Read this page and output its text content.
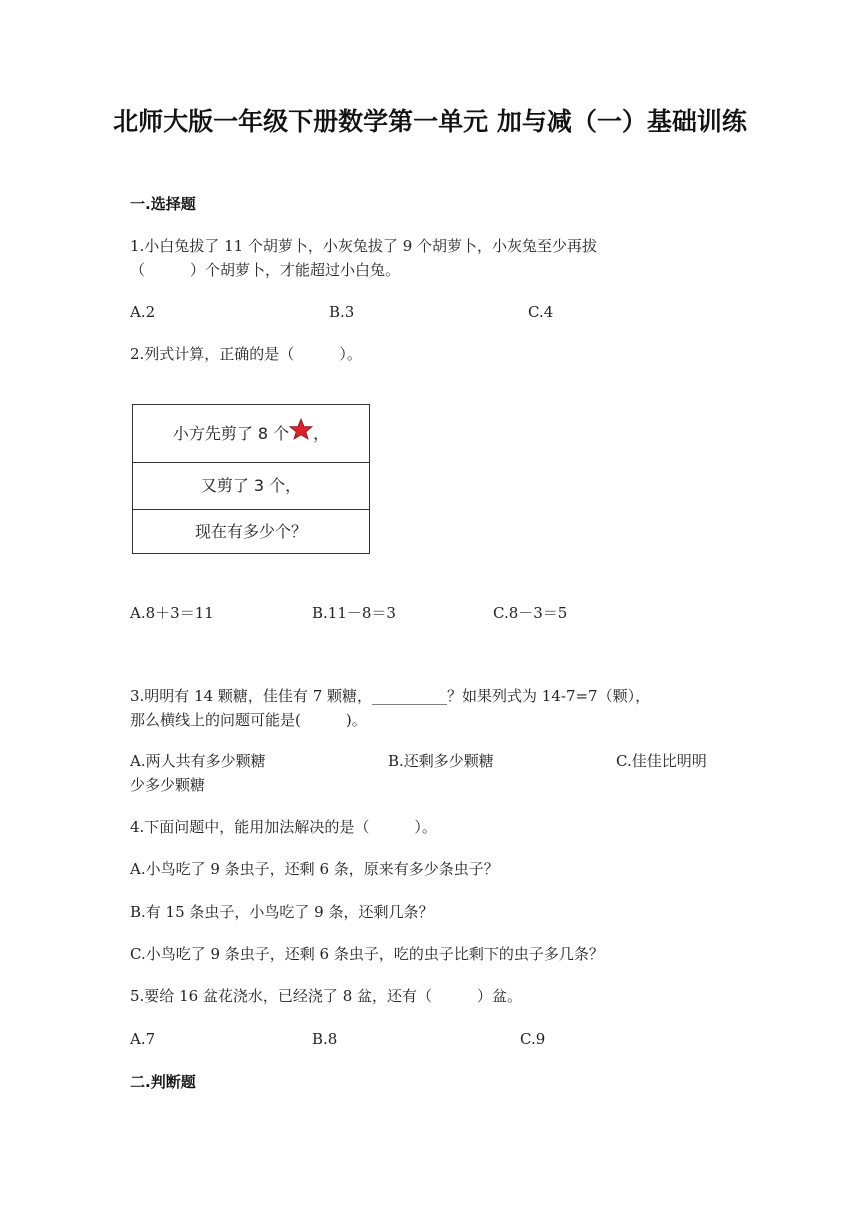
北师大版一年级下册数学第一单元 加与减（一）基础训练
一.选择题
1.小白兔拔了 11 个胡萝卜，小灰兔拔了 9 个胡萝卜，小灰兔至少再拔
（　　　）个胡萝卜，才能超过小白兔。
A.2	B.3	C.4
2.列式计算，正确的是（　　　）。
小方先剪了 8 个 ，
又剪了 3 个，
现在有多少个？
A.8＋3＝11	B.11－8＝3	C.8－3＝5
3.明明有 14 颗糖，佳佳有 7 颗糖，__________？如果列式为 14-7=7（颗），
那么横线上的问题可能是(　　　)。
A.两人共有多少颗糖	B.还剩多少颗糖	C.佳佳比明明
少多少颗糖
4.下面问题中，能用加法解决的是（　　　）。
A.小鸟吃了 9 条虫子，还剩 6 条，原来有多少条虫子？
B.有 15 条虫子，小鸟吃了 9 条，还剩几条？
C.小鸟吃了 9 条虫子，还剩 6 条虫子，吃的虫子比剩下的虫子多几条？
5.要给 16 盆花浇水，已经浇了 8 盆，还有（　　　）盆。
A.7	B.8	C.9
二.判断题
